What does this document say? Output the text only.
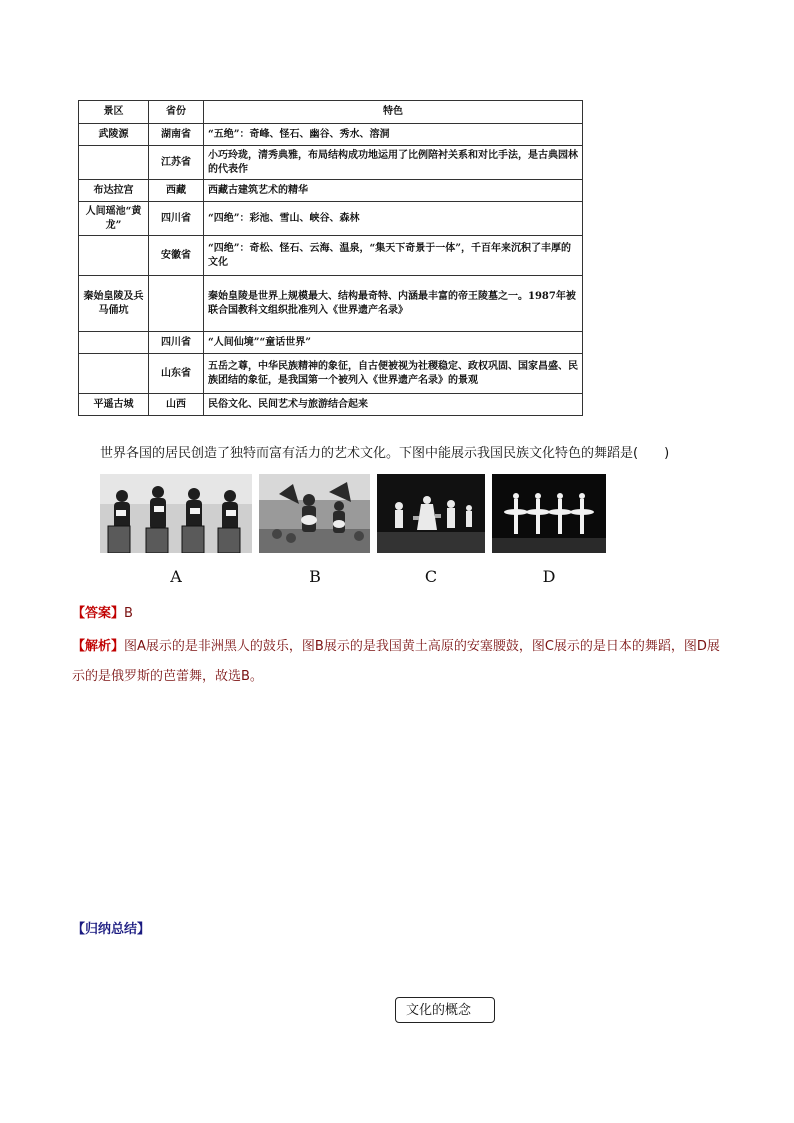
景区	省份	特色
武陵源	湖南省	“五绝”：奇峰、怪石、幽谷、秀水、溶洞
	江苏省	小巧玲珑，清秀典雅，布局结构成功地运用了比例陪衬关系和对比手法，是古典园林的代表作
布达拉宫	西藏	西藏古建筑艺术的精华
人间瑶池“黄龙”	四川省	“四绝”：彩池、雪山、峡谷、森林
	安徽省	“四绝”：奇松、怪石、云海、温泉，“集天下奇景于一体”，千百年来沉积了丰厚的文化
秦始皇陵及兵马俑坑		秦始皇陵是世界上规模最大、结构最奇特、内涵最丰富的帝王陵墓之一。1987年被联合国教科文组织批准列入《世界遗产名录》
	四川省	“人间仙境”“童话世界”
	山东省	五岳之尊，中华民族精神的象征，自古便被视为社稷稳定、政权巩固、国家昌盛、民族团结的象征，是我国第一个被列入《世界遗产名录》的景观
平遥古城	山西	民俗文化、民间艺术与旅游结合起来
世界各国的居民创造了独特而富有活力的艺术文化。下图中能展示我国民族文化特色的舞蹈是(　　)
A	B	C	D
【答案】B
【解析】图A展示的是非洲黑人的鼓乐，图B展示的是我国黄土高原的安塞腰鼓，图C展示的是日本的舞蹈，图D展示的是俄罗斯的芭蕾舞，故选B。
【归纳总结】
文化的概念
